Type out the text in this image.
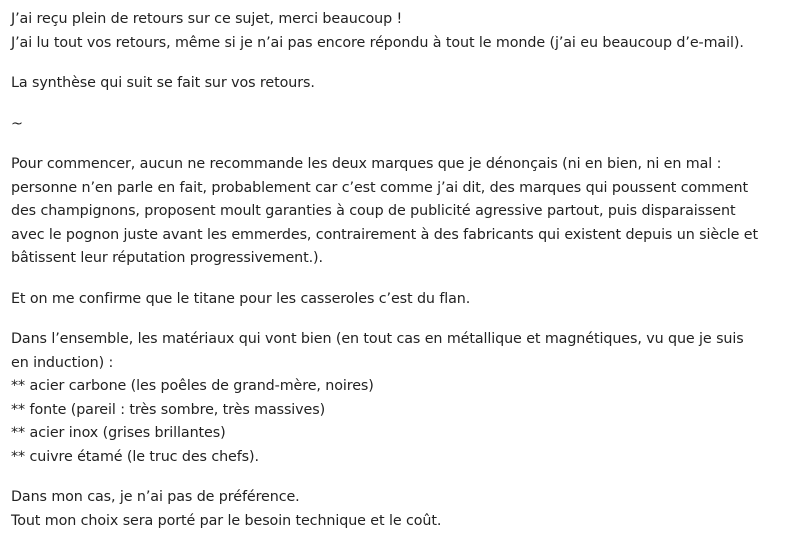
J’ai reçu plein de retours sur ce sujet, merci beaucoup !
J’ai lu tout vos retours, même si je n’ai pas encore répondu à tout le monde (j’ai eu beaucoup d’e-mail).

La synthèse qui suit se fait sur vos retours.

~

Pour commencer, aucun ne recommande les deux marques que je dénonçais (ni en bien, ni en mal :
personne n’en parle en fait, probablement car c’est comme j’ai dit, des marques qui poussent comment
des champignons, proposent moult garanties à coup de publicité agressive partout, puis disparaissent
avec le pognon juste avant les emmerdes, contrairement à des fabricants qui existent depuis un siècle et
bâtissent leur réputation progressivement.).

Et on me confirme que le titane pour les casseroles c’est du flan.

Dans l’ensemble, les matériaux qui vont bien (en tout cas en métallique et magnétiques, vu que je suis
en induction) :
** acier carbone (les poêles de grand-mère, noires)
** fonte (pareil : très sombre, très massives)
** acier inox (grises brillantes)
** cuivre étamé (le truc des chefs).

Dans mon cas, je n’ai pas de préférence.
Tout mon choix sera porté par le besoin technique et le coût.
